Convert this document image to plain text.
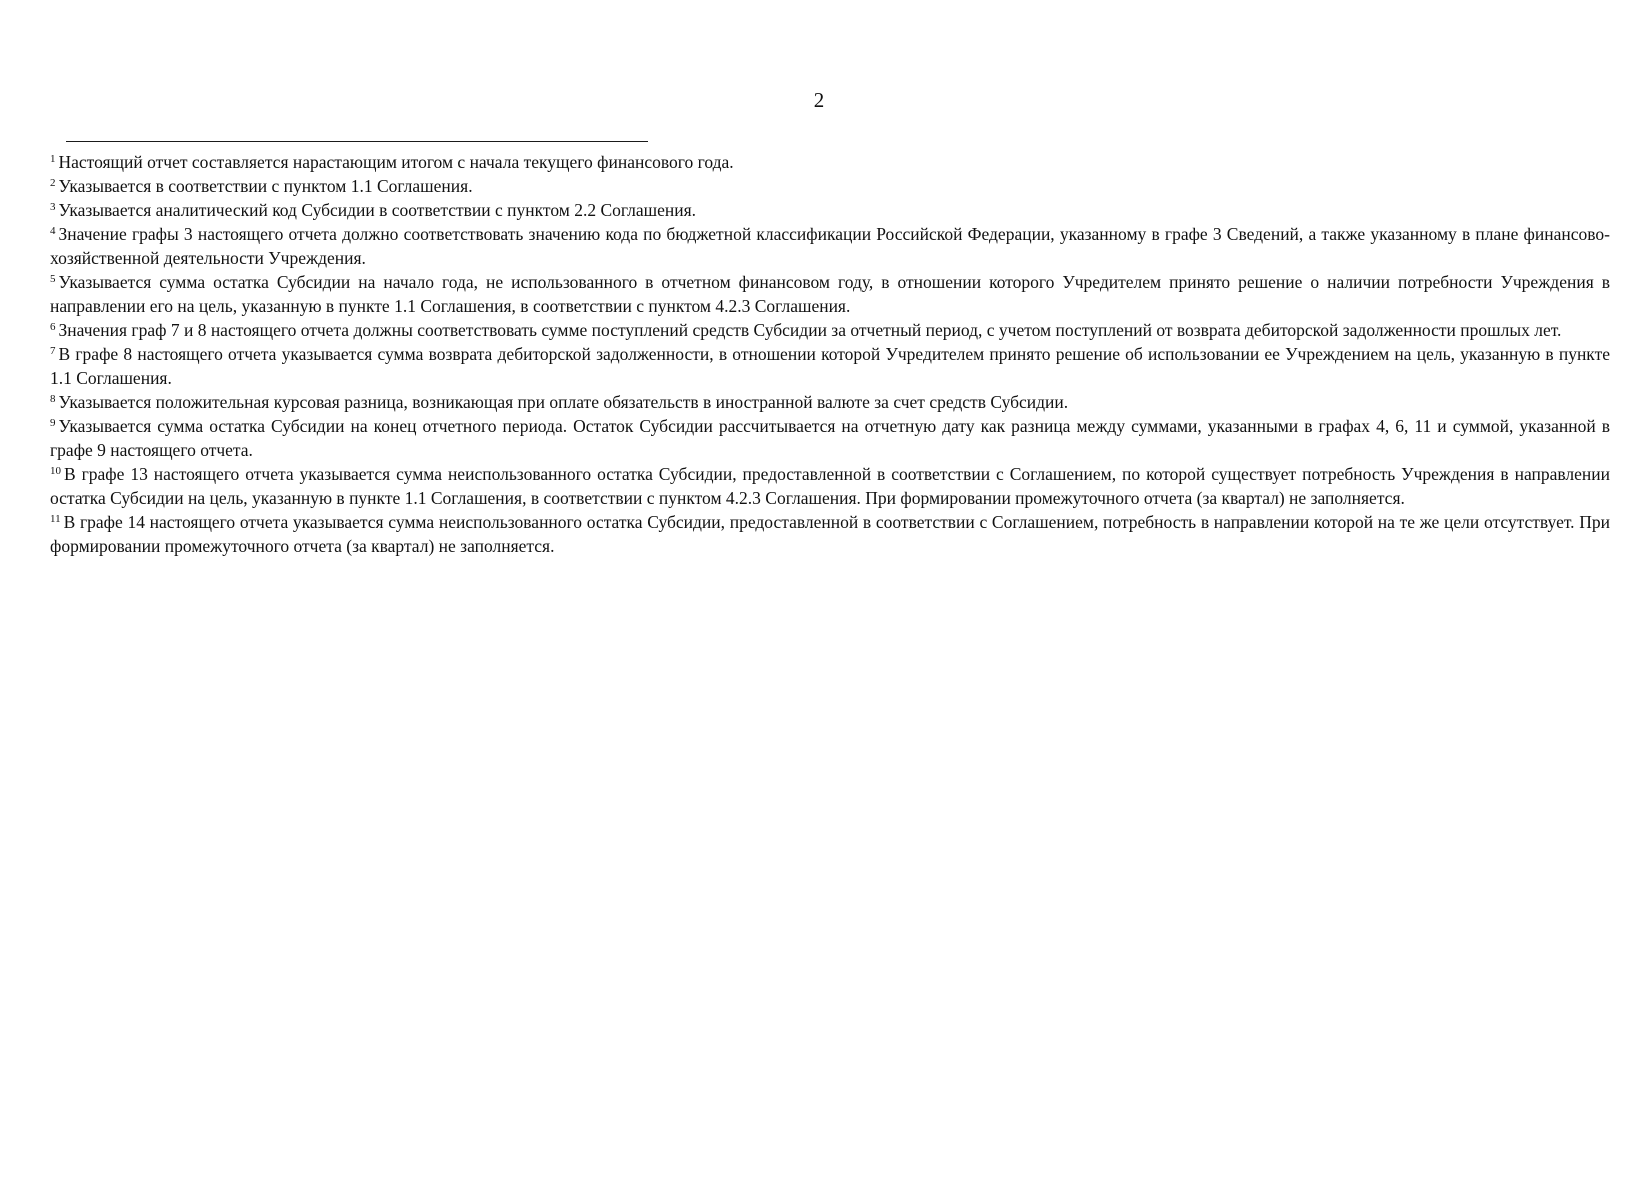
2

$^1$ Настоящий отчет составляется нарастающим итогом с начала текущего финансового года.

$^2$ Указывается в соответствии с пунктом 1.1 Соглашения.

$^3$ Указывается аналитический код Субсидии в соответствии с пунктом 2.2 Соглашения.

$^4$ Значение графы 3 настоящего отчета должно соответствовать значению кода по бюджетной классификации Российской Федерации, указанному в графе 3 Сведений, а также указанному в плане финансово-хозяйственной деятельности Учреждения.

$^5$ Указывается сумма остатка Субсидии на начало года, не использованного в отчетном финансовом году, в отношении которого Учредителем принято решение о наличии потребности Учреждения в направлении его на цель, указанную в пункте 1.1 Соглашения, в соответствии с пунктом 4.2.3 Соглашения.

$^6$ Значения граф 7 и 8 настоящего отчета должны соответствовать сумме поступлений средств Субсидии за отчетный период, с учетом поступлений от возврата дебиторской задолженности прошлых лет.

$^7$ В графе 8 настоящего отчета указывается сумма возврата дебиторской задолженности, в отношении которой Учредителем принято решение об использовании ее Учреждением на цель, указанную в пункте 1.1 Соглашения.

$^8$ Указывается положительная курсовая разница, возникающая при оплате обязательств в иностранной валюте за счет средств Субсидии.

$^9$ Указывается сумма остатка Субсидии на конец отчетного периода. Остаток Субсидии рассчитывается на отчетную дату как разница между суммами, указанными в графах 4, 6, 11 и суммой, указанной в графе 9 настоящего отчета.

$^{10}$ В графе 13 настоящего отчета указывается сумма неиспользованного остатка Субсидии, предоставленной в соответствии с Соглашением, по которой существует потребность Учреждения в направлении остатка Субсидии на цель, указанную в пункте 1.1 Соглашения, в соответствии с пунктом 4.2.3 Соглашения. При формировании промежуточного отчета (за квартал) не заполняется.

$^{11}$ В графе 14 настоящего отчета указывается сумма неиспользованного остатка Субсидии, предоставленной в соответствии с Соглашением, потребность в направлении которой на те же цели отсутствует. При формировании промежуточного отчета (за квартал) не заполняется.
